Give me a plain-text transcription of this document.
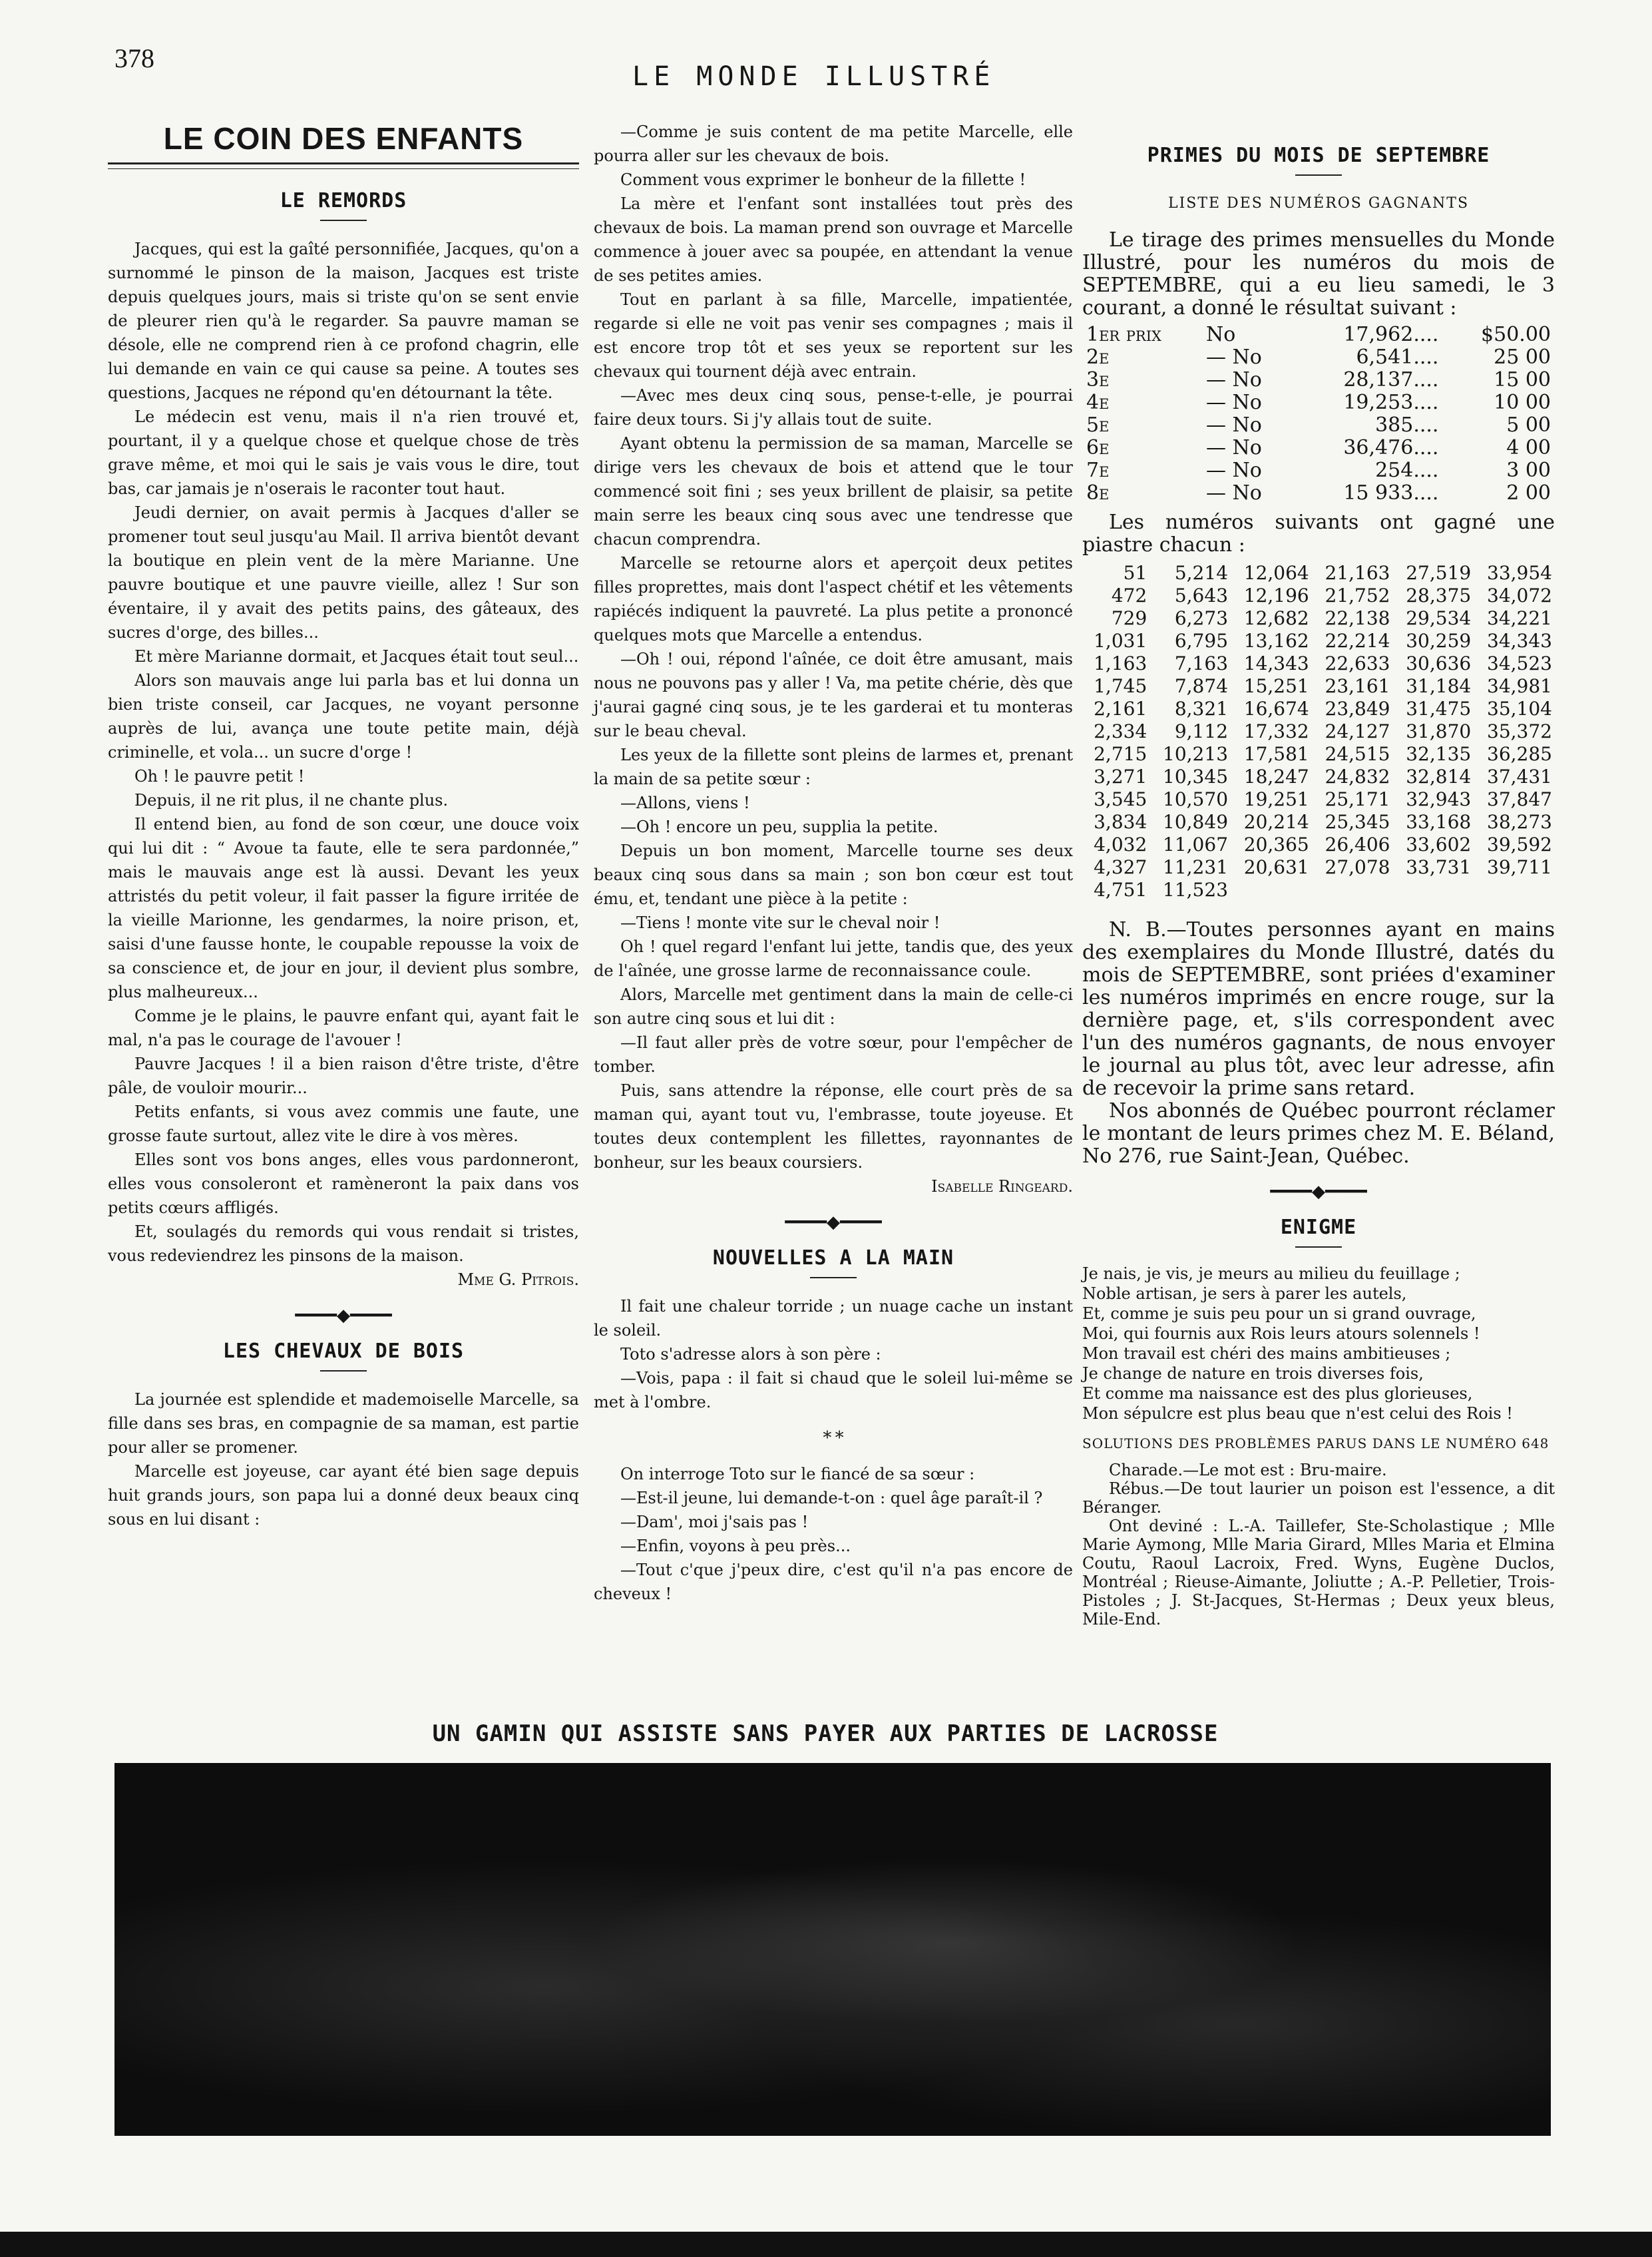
378
LE MONDE ILLUSTRÉ
LE COIN DES ENFANTS
LE REMORDS

Jacques, qui est la gaîté personnifiée, Jacques, qu'on a surnommé le pinson de la maison, Jacques est triste depuis quelques jours, mais si triste qu'on se sent envie de pleurer rien qu'à le regarder. Sa pauvre maman se désole, elle ne comprend rien à ce profond chagrin, elle lui demande en vain ce qui cause sa peine. A toutes ses questions, Jacques ne répond qu'en détournant la tête.

Le médecin est venu, mais il n'a rien trouvé et, pourtant, il y a quelque chose et quelque chose de très grave même, et moi qui le sais je vais vous le dire, tout bas, car jamais je n'oserais le raconter tout haut.

Jeudi dernier, on avait permis à Jacques d'aller se promener tout seul jusqu'au Mail. Il arriva bientôt devant la boutique en plein vent de la mère Marianne. Une pauvre boutique et une pauvre vieille, allez ! Sur son éventaire, il y avait des petits pains, des gâteaux, des sucres d'orge, des billes...

Et mère Marianne dormait, et Jacques était tout seul...

Alors son mauvais ange lui parla bas et lui donna un bien triste conseil, car Jacques, ne voyant personne auprès de lui, avança une toute petite main, déjà criminelle, et vola... un sucre d'orge !

Oh ! le pauvre petit !

Depuis, il ne rit plus, il ne chante plus.

Il entend bien, au fond de son cœur, une douce voix qui lui dit : “ Avoue ta faute, elle te sera pardonnée,” mais le mauvais ange est là aussi. Devant les yeux attristés du petit voleur, il fait passer la figure irritée de la vieille Marionne, les gendarmes, la noire prison, et, saisi d'une fausse honte, le coupable repousse la voix de sa conscience et, de jour en jour, il devient plus sombre, plus malheureux...

Comme je le plains, le pauvre enfant qui, ayant fait le mal, n'a pas le courage de l'avouer !

Pauvre Jacques ! il a bien raison d'être triste, d'être pâle, de vouloir mourir...

Petits enfants, si vous avez commis une faute, une grosse faute surtout, allez vite le dire à vos mères.

Elles sont vos bons anges, elles vous pardonneront, elles vous consoleront et ramèneront la paix dans vos petits cœurs affligés.

Et, soulagés du remords qui vous rendait si tristes, vous redeviendrez les pinsons de la maison.

Mme G. Pitrois.

━━━━◆━━━━
LES CHEVAUX DE BOIS

La journée est splendide et mademoiselle Marcelle, sa fille dans ses bras, en compagnie de sa maman, est partie pour aller se promener.

Marcelle est joyeuse, car ayant été bien sage depuis huit grands jours, son papa lui a donné deux beaux cinq sous en lui disant :

—Comme je suis content de ma petite Marcelle, elle pourra aller sur les chevaux de bois.

Comment vous exprimer le bonheur de la fillette !

La mère et l'enfant sont installées tout près des chevaux de bois. La maman prend son ouvrage et Marcelle commence à jouer avec sa poupée, en attendant la venue de ses petites amies.

Tout en parlant à sa fille, Marcelle, impatientée, regarde si elle ne voit pas venir ses compagnes ; mais il est encore trop tôt et ses yeux se reportent sur les chevaux qui tournent déjà avec entrain.

—Avec mes deux cinq sous, pense-t-elle, je pourrai faire deux tours. Si j'y allais tout de suite.

Ayant obtenu la permission de sa maman, Marcelle se dirige vers les chevaux de bois et attend que le tour commencé soit fini ; ses yeux brillent de plaisir, sa petite main serre les beaux cinq sous avec une tendresse que chacun comprendra.

Marcelle se retourne alors et aperçoit deux petites filles proprettes, mais dont l'aspect chétif et les vêtements rapiécés indiquent la pauvreté. La plus petite a prononcé quelques mots que Marcelle a entendus.

—Oh ! oui, répond l'aînée, ce doit être amusant, mais nous ne pouvons pas y aller ! Va, ma petite chérie, dès que j'aurai gagné cinq sous, je te les garderai et tu monteras sur le beau cheval.

Les yeux de la fillette sont pleins de larmes et, prenant la main de sa petite sœur :

—Allons, viens !

—Oh ! encore un peu, supplia la petite.

Depuis un bon moment, Marcelle tourne ses deux beaux cinq sous dans sa main ; son bon cœur est tout ému, et, tendant une pièce à la petite :

—Tiens ! monte vite sur le cheval noir !

Oh ! quel regard l'enfant lui jette, tandis que, des yeux de l'aînée, une grosse larme de reconnaissance coule.

Alors, Marcelle met gentiment dans la main de celle-ci son autre cinq sous et lui dit :

—Il faut aller près de votre sœur, pour l'empêcher de tomber.

Puis, sans attendre la réponse, elle court près de sa maman qui, ayant tout vu, l'embrasse, toute joyeuse. Et toutes deux contemplent les fillettes, rayonnantes de bonheur, sur les beaux coursiers.

Isabelle Ringeard.

━━━━◆━━━━
NOUVELLES A LA MAIN

Il fait une chaleur torride ; un nuage cache un instant le soleil.

Toto s'adresse alors à son père :

—Vois, papa : il fait si chaud que le soleil lui-même se met à l'ombre.

* *

On interroge Toto sur le fiancé de sa sœur :

—Est-il jeune, lui demande-t-on : quel âge paraît-il ?

—Dam', moi j'sais pas !

—Enfin, voyons à peu près...

—Tout c'que j'peux dire, c'est qu'il n'a pas encore de cheveux !

PRIMES DU MOIS DE SEPTEMBRE
LISTE DES NUMÉROS GAGNANTS

Le tirage des primes mensuelles du Monde Illustré, pour les numéros du mois de SEPTEMBRE, qui a eu lieu samedi, le 3 courant, a donné le résultat suivant :

1er prix	No	17,962....	$50.00
2e	— No	6,541....	25 00
3e	— No	28,137....	15 00
4e	— No	19,253....	10 00
5e	— No	385....	5 00
6e	— No	36,476....	4 00
7e	— No	254....	3 00
8e	— No	15 933....	2 00

Les numéros suivants ont gagné une piastre chacun :

51	5,214	12,064	21,163	27,519	33,954
472	5,643	12,196	21,752	28,375	34,072
729	6,273	12,682	22,138	29,534	34,221
1,031	6,795	13,162	22,214	30,259	34,343
1,163	7,163	14,343	22,633	30,636	34,523
1,745	7,874	15,251	23,161	31,184	34,981
2,161	8,321	16,674	23,849	31,475	35,104
2,334	9,112	17,332	24,127	31,870	35,372
2,715	10,213	17,581	24,515	32,135	36,285
3,271	10,345	18,247	24,832	32,814	37,431
3,545	10,570	19,251	25,171	32,943	37,847
3,834	10,849	20,214	25,345	33,168	38,273
4,032	11,067	20,365	26,406	33,602	39,592
4,327	11,231	20,631	27,078	33,731	39,711
4,751	11,523				

N. B.—Toutes personnes ayant en mains des exemplaires du Monde Illustré, datés du mois de SEPTEMBRE, sont priées d'examiner les numéros imprimés en encre rouge, sur la dernière page, et, s'ils correspondent avec l'un des numéros gagnants, de nous envoyer le journal au plus tôt, avec leur adresse, afin de recevoir la prime sans retard.

Nos abonnés de Québec pourront réclamer le montant de leurs primes chez M. E. Béland, No 276, rue Saint-Jean, Québec.

━━━━◆━━━━
ENIGME
Je nais, je vis, je meurs au milieu du feuillage ;
Noble artisan, je sers à parer les autels,
Et, comme je suis peu pour un si grand ouvrage,
Moi, qui fournis aux Rois leurs atours solennels !
Mon travail est chéri des mains ambitieuses ;
Je change de nature en trois diverses fois,
Et comme ma naissance est des plus glorieuses,
Mon sépulcre est plus beau que n'est celui des Rois !
SOLUTIONS DES PROBLÈMES PARUS DANS LE NUMÉRO 648

Charade.—Le mot est : Bru-maire.

Rébus.—De tout laurier un poison est l'essence, a dit Béranger.

Ont deviné : L.-A. Taillefer, Ste-Scholastique ; Mlle Marie Aymong, Mlle Maria Girard, Mlles Maria et Elmina Coutu, Raoul Lacroix, Fred. Wyns, Eugène Duclos, Montréal ; Rieuse-Aimante, Joliutte ; A.-P. Pelletier, Trois-Pistoles ; J. St-Jacques, St-Hermas ; Deux yeux bleus, Mile-End.

UN GAMIN QUI ASSISTE SANS PAYER AUX PARTIES DE LACROSSE
